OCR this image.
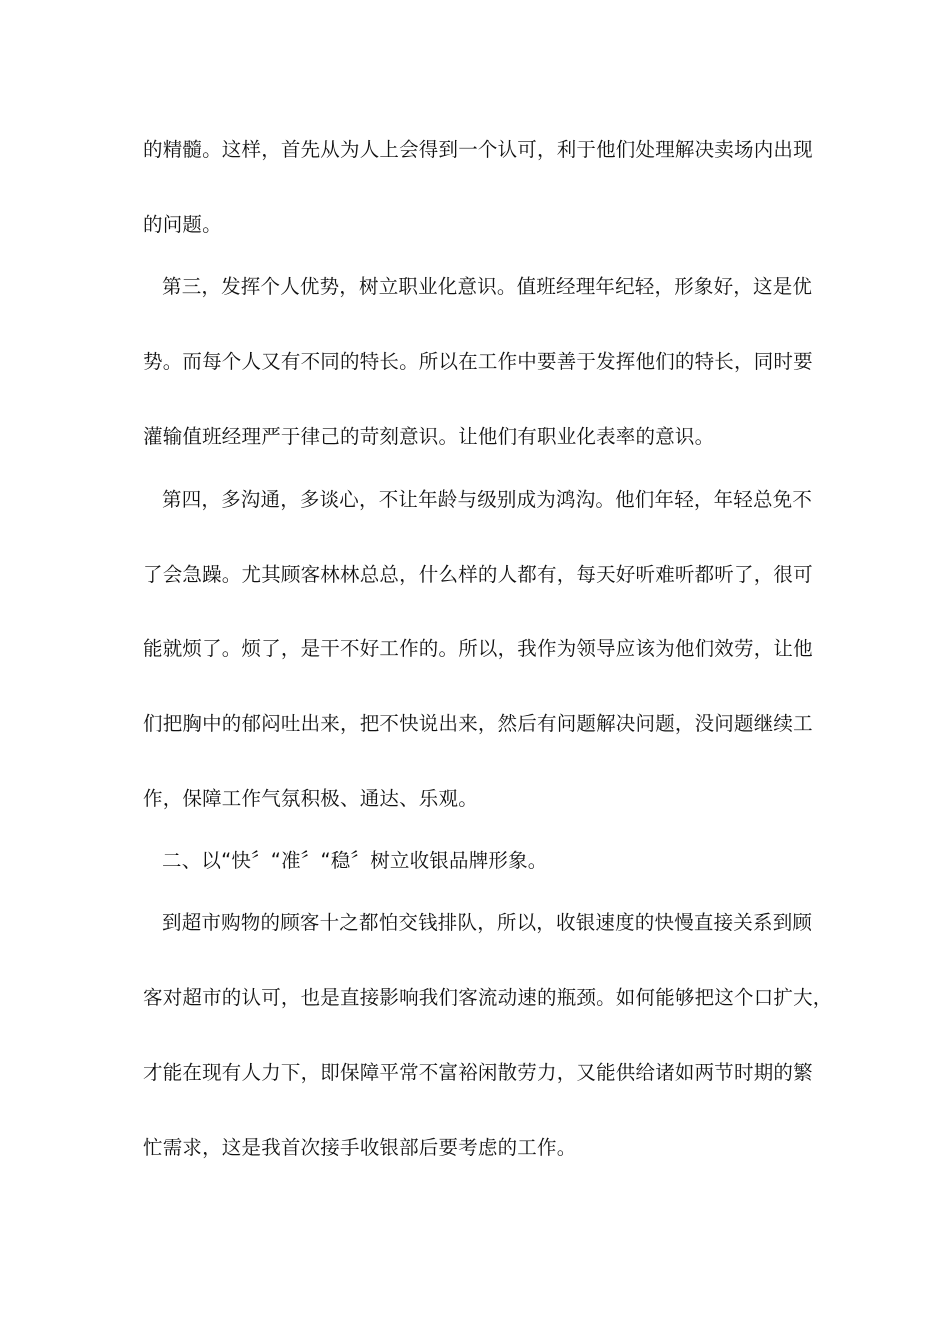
的精髓。这样，首先从为人上会得到一个认可，利于他们处理解决卖场内出现
的问题。
第三，发挥个人优势，树立职业化意识。值班经理年纪轻，形象好，这是优
势。而每个人又有不同的特长。所以在工作中要善于发挥他们的特长，同时要
灌输值班经理严于律己的苛刻意识。让他们有职业化表率的意识。
第四，多沟通，多谈心，不让年龄与级别成为鸿沟。他们年轻，年轻总免不
了会急躁。尤其顾客林林总总，什么样的人都有，每天好听难听都听了，很可
能就烦了。烦了，是干不好工作的。所以，我作为领导应该为他们效劳，让他
们把胸中的郁闷吐出来，把不快说出来，然后有问题解决问题，没问题继续工
作，保障工作气氛积极、通达、乐观。
二、以“快〞“准〞“稳〞树立收银品牌形象。
到超市购物的顾客十之都怕交钱排队，所以，收银速度的快慢直接关系到顾
客对超市的认可，也是直接影响我们客流动速的瓶颈。如何能够把这个口扩大，
才能在现有人力下，即保障平常不富裕闲散劳力，又能供给诸如两节时期的繁
忙需求，这是我首次接手收银部后要考虑的工作。
